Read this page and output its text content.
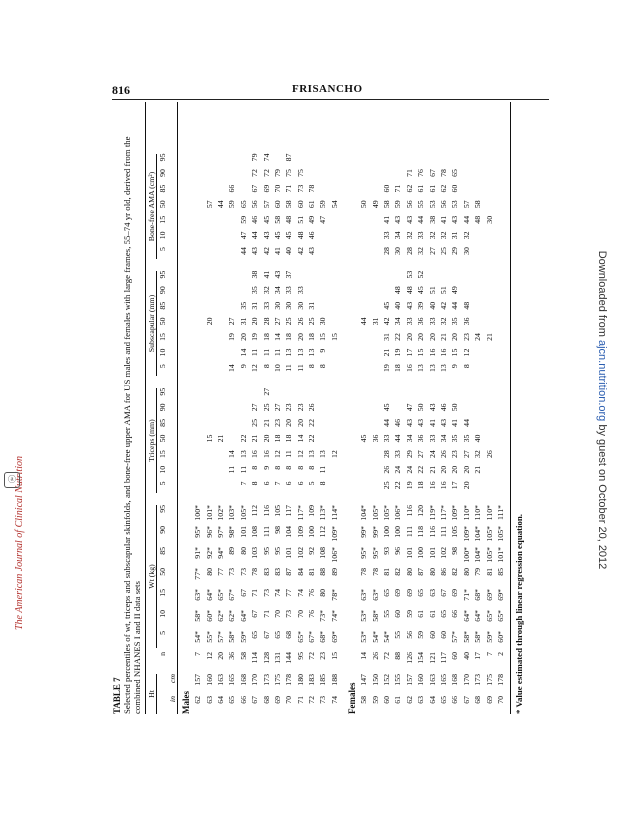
The American Journal of Clinical Nutrition
ⓐ
Downloaded from ajcn.nutrition.org by guest on October 20, 2012
816	FRISANCHO
TABLE 7 Selected percentiles of wt, triceps and subscapular skinfolds, and bone-free upper AMA for US males and females with large frames, 55–74 yr old, derived from the combined NHANES I and II data sets Ht
Wt (kg)
Triceps (mm)
Subscapular (mm)
Bone-free AMA (cm²)
n
5
10
15
50
85
90
95
5
10
15
50
85
90
95
5
10
15
50
85
90
95
5
10
15
50
85
90
95
in
cm
Males 62
157
7
54*
58*
63*
77*
91*
95*
100*
63
160
12
55*
60*
64*
80
92*
96*
101*
15
20
57
64
163
20
57*
62*
65*
77
94*
97*
102*
21
44
65
165
36
58*
62*
67*
73
89
98*
103*
11
14
14
19
27
59
66
66
168
58
59*
64*
67
73
80
101
105*
7
11
13
22
9
14
20
31
35
44
47
59
65
67
170
114
65
67
71
78
103
108
112
8
8
16
21
25
27
12
11
19
20
31
35
38
43
44
46
56
67
72
79
68
173
128
67
71
73
83
95
111
116
6
9
16
20
21
25
27
8
11
18
28
33
32
41
42
43
45
57
69
72
74
69
175
131
65
70
74
83
95
98
105
7
8
12
18
23
27
10
11
14
27
30
34
43
41
45
58
60
70
79
70
178
144
68
73
77
87
101
104
117
6
8
11
18
20
23
11
13
18
25
30
33
37
40
45
48
58
71
75
87
71
180
95
65*
70
74
84
102
109
117*
6
8
12
14
20
23
11
13
20
26
30
33
42
48
51
60
73
75
72
183
72
67*
76
76
81
92
100
109
5
8
13
22
22
26
8
13
18
25
31
43
46
49
61
78
73
185
23
68*
73*
80
88
108
112
113*
8
11
13
8
9
15
30
47
59
74
188
15
69*
74*
78*
89
106*
109*
114*
12
15
54
Females 58
147
14
53*
53*
63*
78
95*
99*
104*
45
44
50
59
150
26
54*
58*
63*
78
95*
99*
105*
36
31
49
60
152
72
54*
55
65
81
93
100
105*
25
26
28
33
44
45
19
21
31
42
45
28
33
41
58
60
61
155
88
55
60
69
82
96
100
106*
22
24
33
44
46
18
19
22
34
40
48
30
34
43
59
71
62
157
126
56
59
69
80
101
111
116
19
24
29
34
43
47
16
17
20
33
43
48
53
28
32
43
56
62
71
63
160
154
59
61
65
87
100
118
120
18
22
27
36
43
50
13
15
20
36
39
45
52
32
33
44
55
61
76
64
163
121
60
61
63
80
101
116
119*
16
21
24
33
41
43
13
16
20
33
40
51
27
32
38
53
61
67
65
165
117
60
65
67
86
102
111
117*
16
20
26
34
43
46
13
16
21
32
42
51
25
32
41
56
62
78
66
168
60
57*
66
69
82
98
105
109*
17
20
23
35
41
50
9
15
20
35
44
49
29
31
43
53
60
65
67
170
40
58*
64*
71*
80
100*
109*
110*
20
20
27
35
44
8
12
23
36
48
30
32
44
57
68
173
17
58*
64*
68*
79
104*
104*
110*
21
32
40
24
48
58
69
175
7
59*
65*
69*
81
105*
105*
110*
26
21
30
70
178
2
60*
65*
69*
85
101*
105*
111*
* Value estimated through linear regression equation.
